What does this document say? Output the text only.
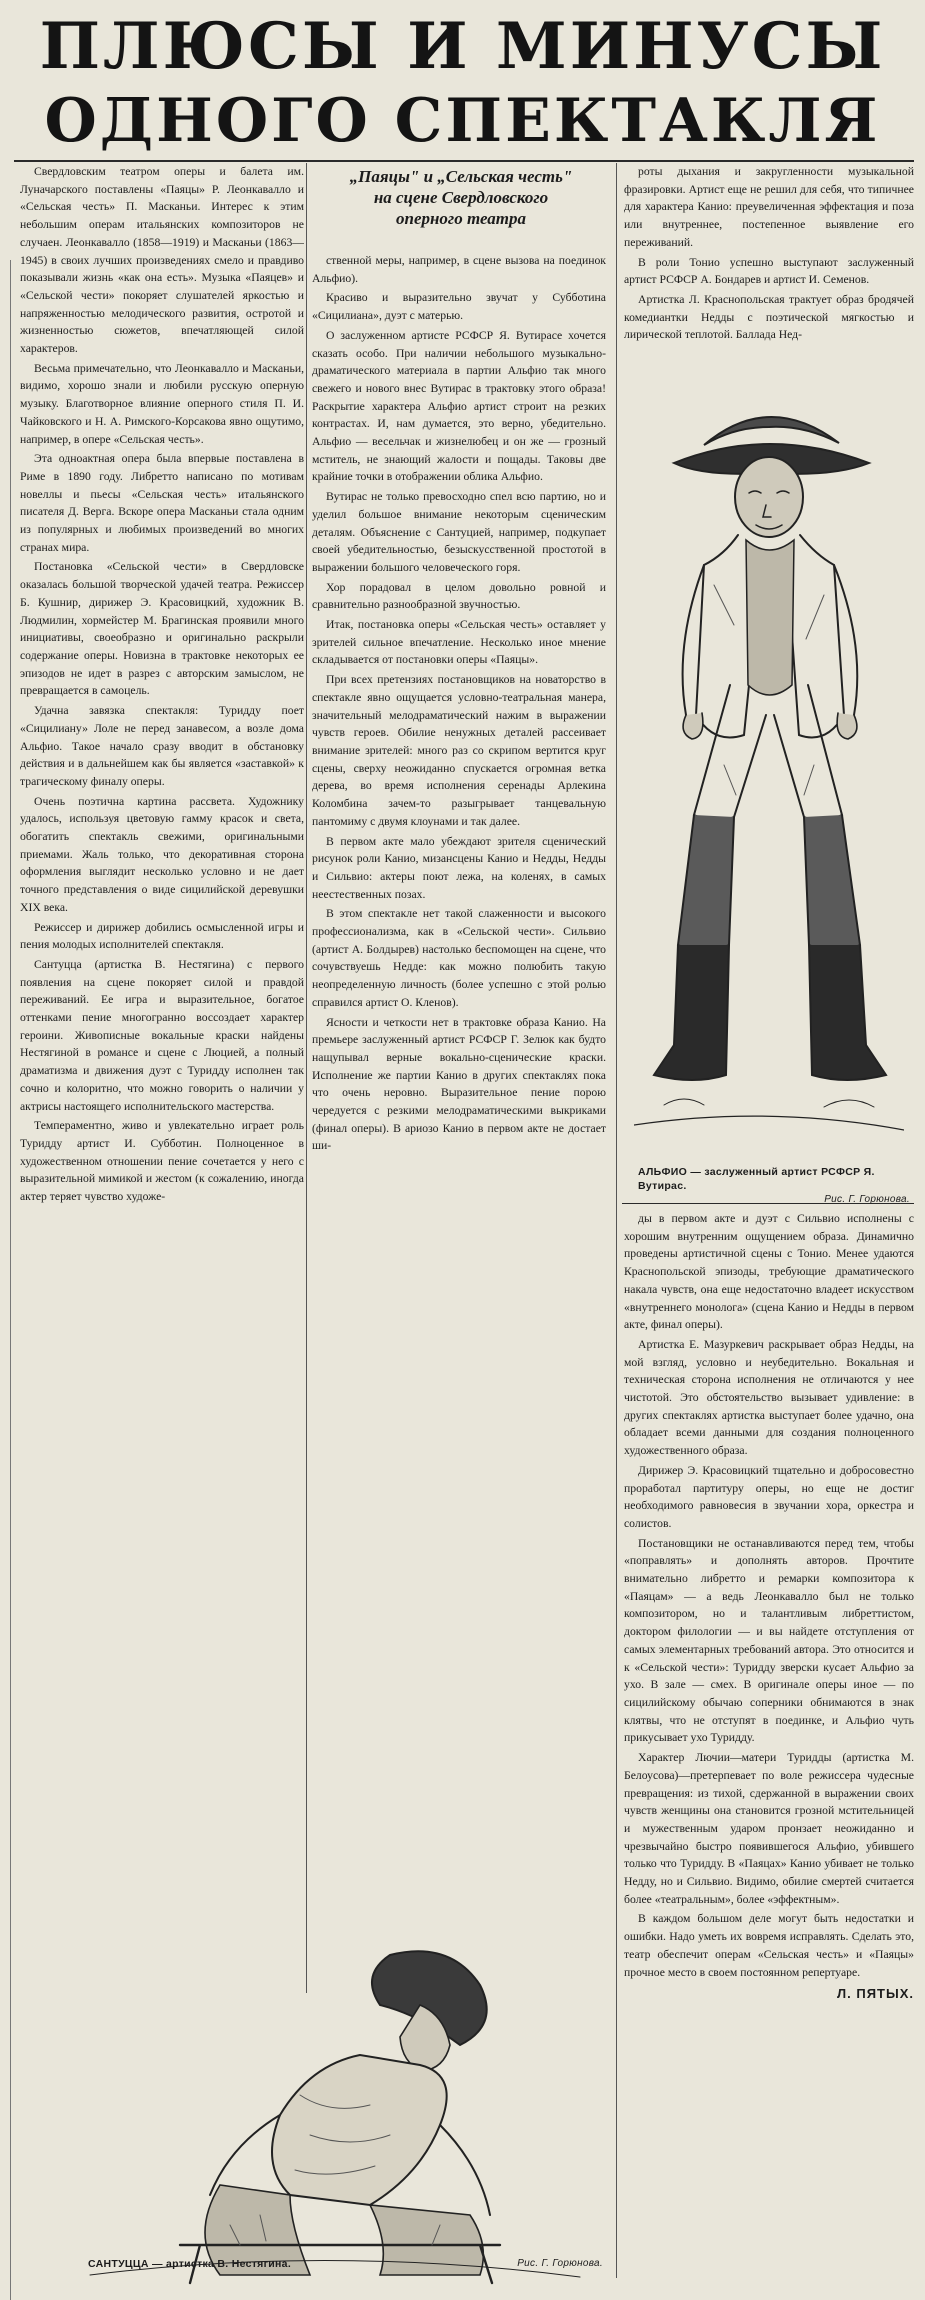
ПЛЮСЫ И МИНУСЫ
ОДНОГО СПЕКТАКЛЯ
„Паяцы" и „Сельская честь"
на сцене Свердловского
оперного театра

Свердловским театром оперы и балета им. Луначарского поставлены «Паяцы» Р. Леонкавалло и «Сельская честь» П. Масканьи. Интерес к этим небольшим операм итальянских композиторов не случаен. Леонкавалло (1858—1919) и Масканьи (1863—1945) в своих лучших произведениях смело и правдиво показывали жизнь «как она есть». Музыка «Паяцев» и «Сельской чести» покоряет слушателей яркостью и напряженностью мелодического развития, остротой и жизненностью сюжетов, впечатляющей силой характеров.

Весьма примечательно, что Леонкавалло и Масканьи, видимо, хорошо знали и любили русскую оперную музыку. Благотворное влияние оперного стиля П. И. Чайковского и Н. А. Римского-Корсакова явно ощутимо, например, в опере «Сельская честь».

Эта одноактная опера была впервые поставлена в Риме в 1890 году. Либретто написано по мотивам новеллы и пьесы «Сельская честь» итальянского писателя Д. Верга. Вскоре опера Масканьи стала одним из популярных и любимых произведений во многих странах мира.

Постановка «Сельской чести» в Свердловске оказалась большой творческой удачей театра. Режиссер Б. Кушнир, дирижер Э. Красовицкий, художник В. Людмилин, хормейстер М. Брагинская проявили много инициативы, своеобразно и оригинально раскрыли содержание оперы. Новизна в трактовке некоторых ее эпизодов не идет в разрез с авторским замыслом, не превращается в самоцель.

Удачна завязка спектакля: Туридду поет «Сицилиану» Лоле не перед занавесом, а возле дома Альфио. Такое начало сразу вводит в обстановку действия и в дальнейшем как бы является «заставкой» к трагическому финалу оперы.

Очень поэтична картина рассвета. Художнику удалось, используя цветовую гамму красок и света, обогатить спектакль свежими, оригинальными приемами. Жаль только, что декоративная сторона оформления выглядит несколько условно и не дает точного представления о виде сицилийской деревушки XIX века.

Режиссер и дирижер добились осмысленной игры и пения молодых исполнителей спектакля.

Сантуцца (артистка В. Нестягина) с первого появления на сцене покоряет силой и правдой переживаний. Ее игра и выразительное, богатое оттенками пение многогранно воссоздает характер героини. Живописные вокальные краски найдены Нестягиной в романсе и сцене с Люцией, а полный драматизма и движения дуэт с Туридду исполнен так сочно и колоритно, что можно говорить о наличии у актрисы настоящего исполнительского мастерства.

Темпераментно, живо и увлекательно играет роль Туридду артист И. Субботин. Полноценное в художественном отношении пение сочетается у него с выразительной мимикой и жестом (к сожалению, иногда актер теряет чувство художе-

ственной меры, например, в сцене вызова на поединок Альфио).

Красиво и выразительно звучат у Субботина «Сицилиана», дуэт с матерью.

О заслуженном артисте РСФСР Я. Вутирасе хочется сказать особо. При наличии небольшого музыкально-драматического материала в партии Альфио так много свежего и нового внес Вутирас в трактовку этого образа! Раскрытие характера Альфио артист строит на резких контрастах. И, нам думается, это верно, убедительно. Альфио — весельчак и жизнелюбец и он же — грозный мститель, не знающий жалости и пощады. Таковы две крайние точки в отображении облика Альфио.

Вутирас не только превосходно спел всю партию, но и уделил большое внимание некоторым сценическим деталям. Объяснение с Сантуцией, например, подкупает своей убедительностью, безыскусственной простотой в выражении большого человеческого горя.

Хор порадовал в целом довольно ровной и сравнительно разнообразной звучностью.

Итак, постановка оперы «Сельская честь» оставляет у зрителей сильное впечатление. Несколько иное мнение складывается от постановки оперы «Паяцы».

При всех претензиях постановщиков на новаторство в спектакле явно ощущается условно-театральная манера, значительный мелодраматический нажим в выражении чувств героев. Обилие ненужных деталей рассеивает внимание зрителей: много раз со скрипом вертится круг сцены, сверху неожиданно спускается огромная ветка дерева, во время исполнения серенады Арлекина Коломбина зачем-то разыгрывает танцевальную пантомиму с двумя клоунами и так далее.

В первом акте мало убеждают зрителя сценический рисунок роли Канио, мизансцены Канио и Недды, Недды и Сильвио: актеры поют лежа, на коленях, в самых неестественных позах.

В этом спектакле нет такой слаженности и высокого профессионализма, как в «Сельской чести». Сильвио (артист А. Болдырев) настолько беспомощен на сцене, что сочувствуешь Недде: как можно полюбить такую неопределенную личность (более успешно с этой ролью справился артист О. Кленов).

Ясности и четкости нет в трактовке образа Канио. На премьере заслуженный артист РСФСР Г. Зелюк как будто нащупывал верные вокально-сценические краски. Исполнение же партии Канио в других спектаклях пока что очень неровно. Выразительное пение порою чередуется с резкими мелодраматическими выкриками (финал оперы). В ариозо Канио в первом акте не достает ши-

роты дыхания и закругленности музыкальной фразировки. Артист еще не решил для себя, что типичнее для характера Канио: преувеличенная эффектация и поза или внутреннее, постепенное выявление его переживаний.

В роли Тонио успешно выступают заслуженный артист РСФСР А. Бондарев и артист И. Семенов.

Артистка Л. Краснопольская трактует образ бродячей комедиантки Недды с поэтической мягкостью и лирической теплотой. Баллада Нед-

АЛЬФИО — заслуженный артист РСФСР Я. Вутирас.

Рис. Г. Горюнова.

ды в первом акте и дуэт с Сильвио исполнены с хорошим внутренним ощущением образа. Динамично проведены артистичной сцены с Тонио. Менее удаются Краснопольской эпизоды, требующие драматического накала чувств, она еще недостаточно владеет искусством «внутреннего монолога» (сцена Канио и Недды в первом акте, финал оперы).

Артистка Е. Мазуркевич раскрывает образ Недды, на мой взгляд, условно и неубедительно. Вокальная и техническая сторона исполнения не отличаются у нее чистотой. Это обстоятельство вызывает удивление: в других спектаклях артистка выступает более удачно, она обладает всеми данными для создания полноценного художественного образа.

Дирижер Э. Красовицкий тщательно и добросовестно проработал партитуру оперы, но еще не достиг необходимого равновесия в звучании хора, оркестра и солистов.

Постановщики не останавливаются перед тем, чтобы «поправлять» и дополнять авторов. Прочтите внимательно либретто и ремарки композитора к «Паяцам» — а ведь Леонкавалло был не только композитором, но и талантливым либреттистом, доктором филологии — и вы найдете отступления от самых элементарных требований автора. Это относится и к «Сельской чести»: Туридду зверски кусает Альфио за ухо. В зале — смех. В оригинале оперы иное — по сицилийскому обычаю соперники обнимаются в знак клятвы, что не отступят в поединке, и Альфио чуть прикусывает ухо Туридду.

Характер Лючии—матери Туридды (артистка М. Белоусова)—претерпевает по воле режиссера чудесные превращения: из тихой, сдержанной в выражении своих чувств женщины она становится грозной мстительницей и мужественным ударом пронзает неожиданно и чрезвычайно быстро появившегося Альфио, убившего только что Туридду. В «Паяцах» Канио убивает не только Недду, но и Сильвио. Видимо, обилие смертей считается более «театральным», более «эффектным».

В каждом большом деле могут быть недостатки и ошибки. Надо уметь их вовремя исправлять. Сделать это, театр обеспечит операм «Сельская честь» и «Паяцы» прочное место в своем постоянном репертуаре.

Л. ПЯТЫХ.
САНТУЦЦА — артистка В. Нестягина.	Рис. Г. Горюнова.
